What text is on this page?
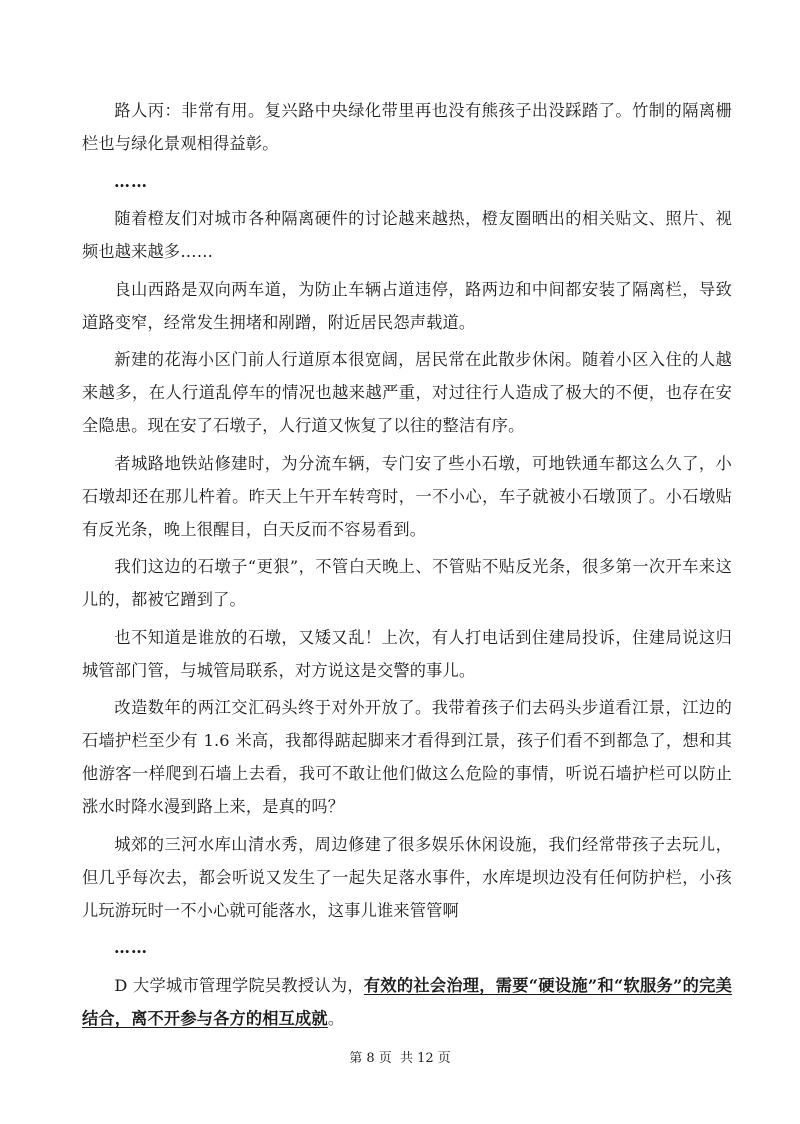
路人丙：非常有用。复兴路中央绿化带里再也没有熊孩子出没踩踏了。竹制的隔离栅栏也与绿化景观相得益彰。

……

随着橙友们对城市各种隔离硬件的讨论越来越热，橙友圈晒出的相关贴文、照片、视频也越来越多……

良山西路是双向两车道，为防止车辆占道违停，路两边和中间都安装了隔离栏，导致道路变窄，经常发生拥堵和剐蹭，附近居民怨声载道。

新建的花海小区门前人行道原本很宽阔，居民常在此散步休闲。随着小区入住的人越来越多，在人行道乱停车的情况也越来越严重，对过往行人造成了极大的不便，也存在安全隐患。现在安了石墩子，人行道又恢复了以往的整洁有序。

者城路地铁站修建时，为分流车辆，专门安了些小石墩，可地铁通车都这么久了，小石墩却还在那儿杵着。昨天上午开车转弯时，一不小心，车子就被小石墩顶了。小石墩贴有反光条，晚上很醒目，白天反而不容易看到。

我们这边的石墩子“更狠”，不管白天晚上、不管贴不贴反光条，很多第一次开车来这儿的，都被它蹭到了。

也不知道是谁放的石墩，又矮又乱！上次，有人打电话到住建局投诉，住建局说这归城管部门管，与城管局联系，对方说这是交警的事儿。

改造数年的两江交汇码头终于对外开放了。我带着孩子们去码头步道看江景，江边的石墙护栏至少有 1.6 米高，我都得踮起脚来才看得到江景，孩子们看不到都急了，想和其他游客一样爬到石墙上去看，我可不敢让他们做这么危险的事情，听说石墙护栏可以防止涨水时降水漫到路上来，是真的吗？

城郊的三河水库山清水秀，周边修建了很多娱乐休闲设施，我们经常带孩子去玩儿，但几乎每次去，都会听说又发生了一起失足落水事件，水库堤坝边没有任何防护栏，小孩儿玩游玩时一不小心就可能落水，这事儿谁来管管啊

……

D 大学城市管理学院吴教授认为，有效的社会治理，需要“硬设施”和“软服务”的完美结合，离不开参与各方的相互成就。

第 8 页 共 12 页
